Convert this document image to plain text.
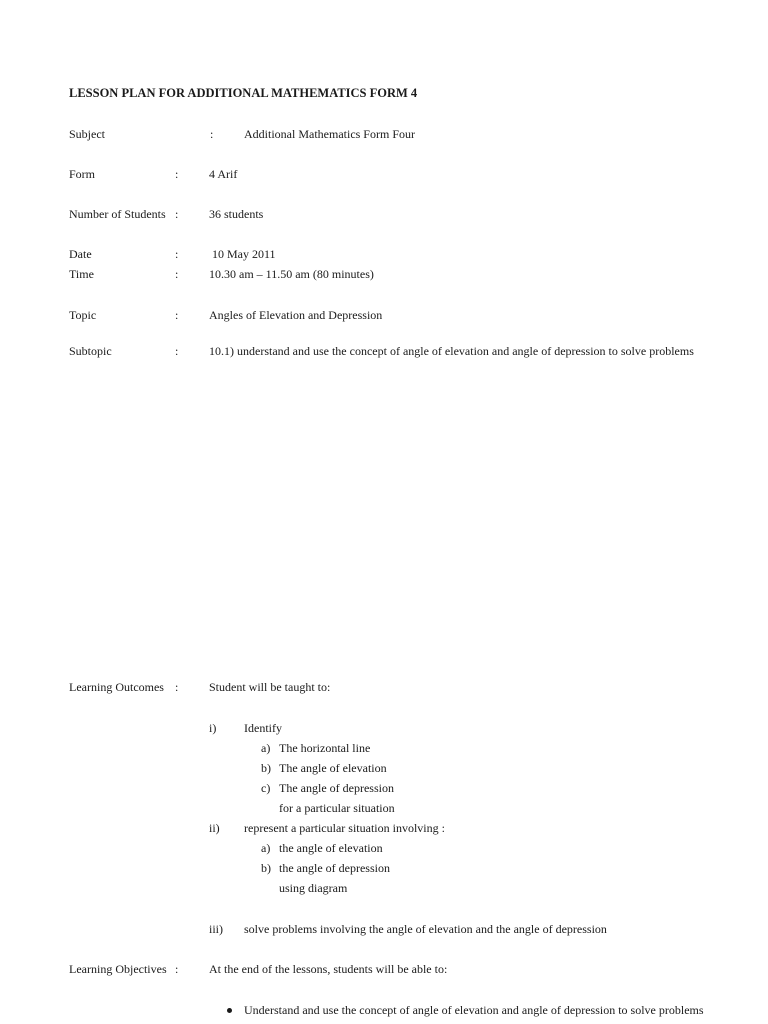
LESSON PLAN FOR ADDITIONAL MATHEMATICS FORM 4
Subject	:	Additional Mathematics Form Four
Form	:	4 Arif
Number of Students :	36 students
Date	:	10 May 2011
Time	:	10.30 am – 11.50 am (80 minutes)
Topic	:	Angles of Elevation and Depression
Subtopic	:	10.1) understand and use the concept of angle of elevation and angle of depression to solve problems
Learning Outcomes :	Student will be taught to:
i) Identify
a) The horizontal line
b) The angle of elevation
c) The angle of depression
for a particular situation
ii) represent a particular situation involving :
a) the angle of elevation
b) the angle of depression
using diagram
iii) solve problems involving the angle of elevation and the angle of depression
Learning Objectives :	At the end of the lessons, students will be able to:
Understand and use the concept of angle of elevation and angle of depression to solve problems
